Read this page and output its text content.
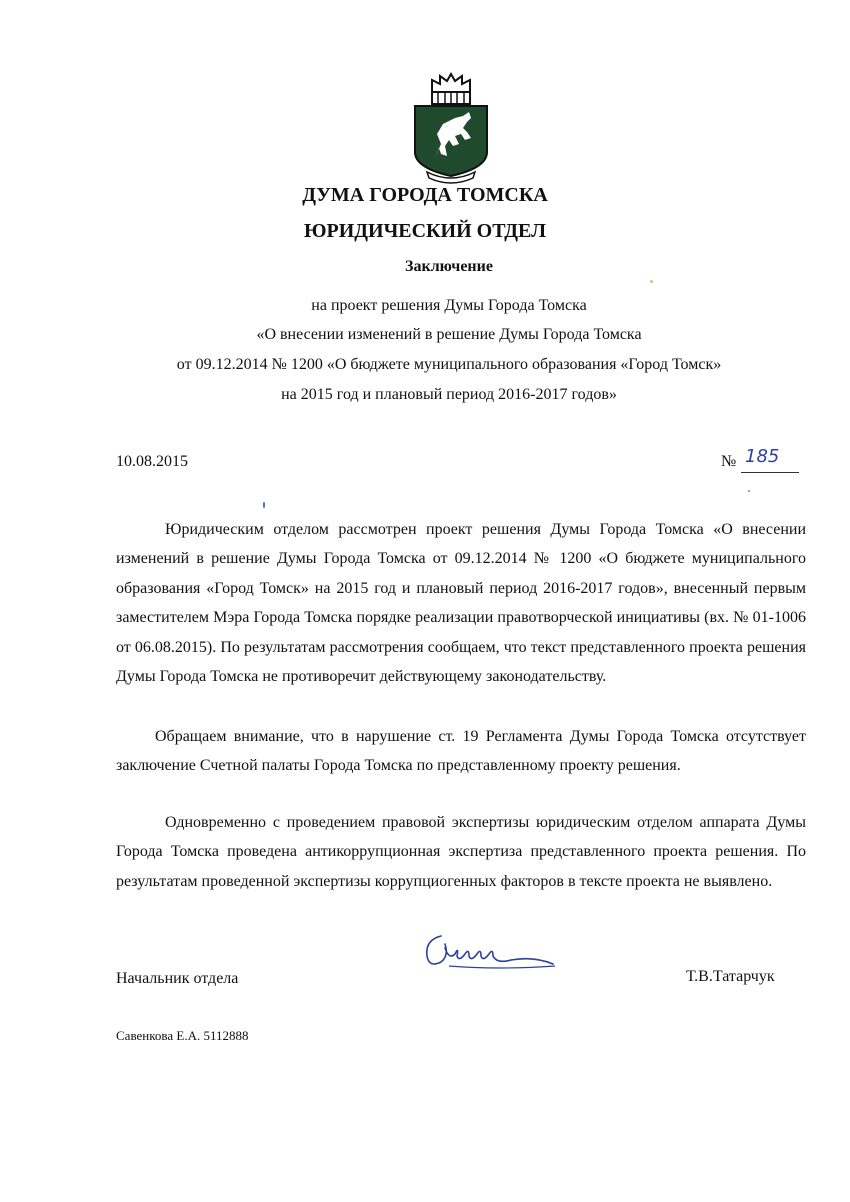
ДУМА ГОРОДА ТОМСКА
ЮРИДИЧЕСКИЙ ОТДЕЛ
Заключение
на проект решения Думы Города Томска
«О внесении изменений в решение Думы Города Томска
от 09.12.2014 № 1200 «О бюджете муниципального образования «Город Томск»
на 2015 год и плановый период 2016-2017 годов»
10.08.2015	№ 185

Юридическим отделом рассмотрен проект решения Думы Города Томска «О внесении изменений в решение Думы Города Томска от 09.12.2014 № 1200 «О бюджете муниципального образования «Город Томск» на 2015 год и плановый период 2016-2017 годов», внесенный первым заместителем Мэра Города Томска порядке реализации правотворческой инициативы (вх. № 01-1006 от 06.08.2015). По результатам рассмотрения сообщаем, что текст представленного проекта решения Думы Города Томска не противоречит действующему законодательству.

Обращаем внимание, что в нарушение ст. 19 Регламента Думы Города Томска отсутствует заключение Счетной палаты Города Томска по представленному проекту решения.

Одновременно с проведением правовой экспертизы юридическим отделом аппарата Думы Города Томска проведена антикоррупционная экспертиза представленного проекта решения. По результатам проведенной экспертизы коррупциогенных факторов в тексте проекта не выявлено.

Начальник отдела	Т.В.Татарчук
Савенкова Е.А. 5112888
